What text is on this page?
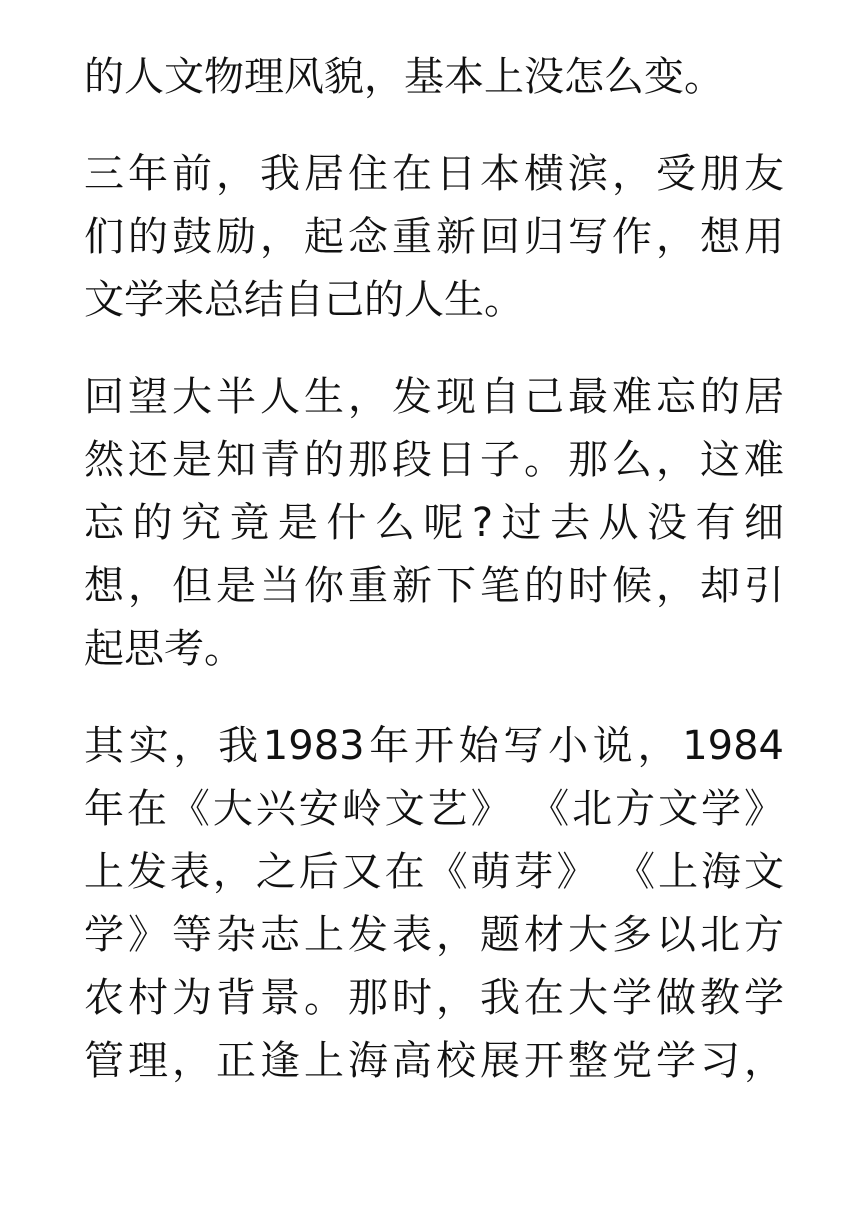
的人文物理风貌，基本上没怎么变。
三年前，我居住在日本横滨，受朋友
们的鼓励，起念重新回归写作，想用
文学来总结自己的人生。
回望大半人生，发现自己最难忘的居
然还是知青的那段日子。那么，这难
忘的究竟是什么呢?过去从没有细
想，但是当你重新下笔的时候，却引
起思考。
其实，我1983年开始写小说，1984
年在《大兴安岭文艺》 《北方文学》
上发表，之后又在《萌芽》 《上海文
学》等杂志上发表，题材大多以北方
农村为背景。那时，我在大学做教学
管理，正逢上海高校展开整党学习，
